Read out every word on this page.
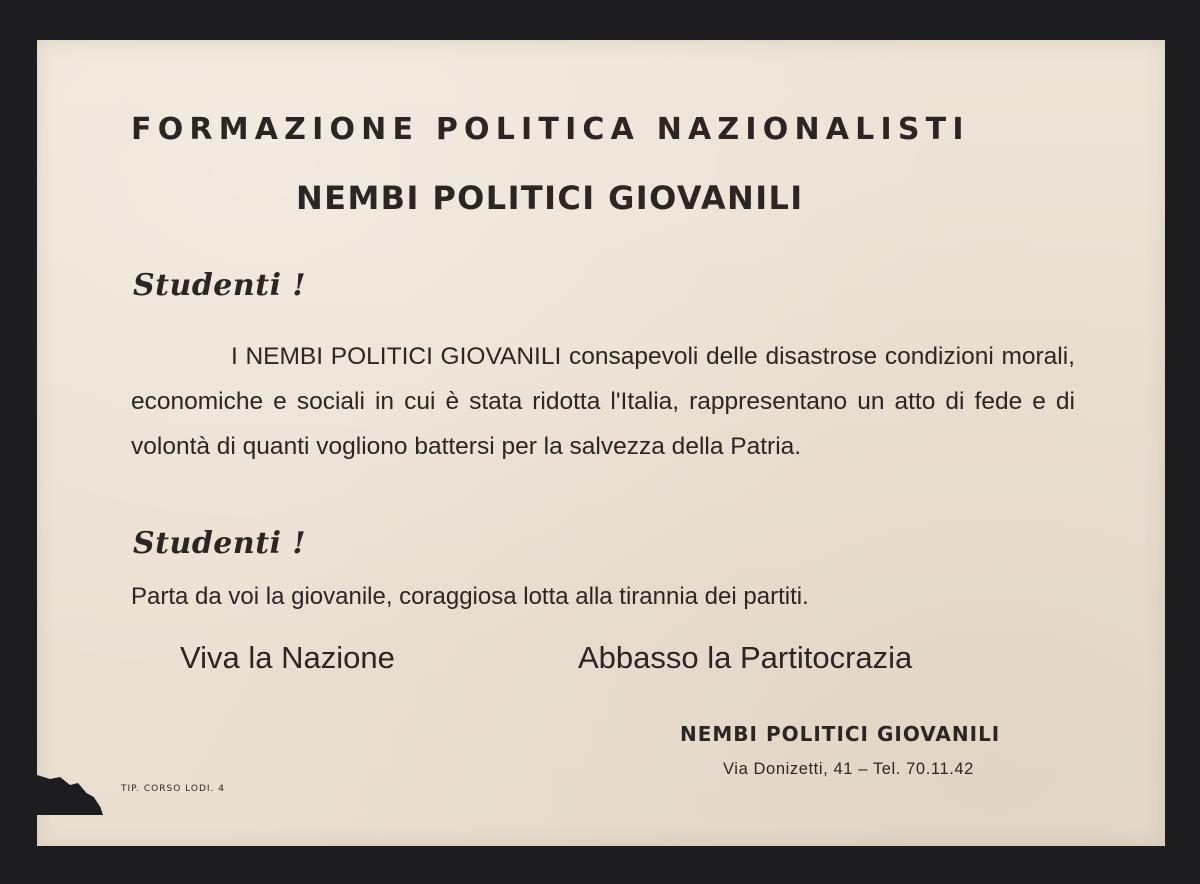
FORMAZIONE POLITICA NAZIONALISTI
NEMBI POLITICI GIOVANILI
Studenti !

I NEMBI POLITICI GIOVANILI consapevoli delle disastrose condizioni morali, economiche e sociali in cui è stata ridotta l'Italia, rappresentano un atto di fede e di volontà di quanti vogliono battersi per la salvezza della Patria.

Studenti !
Parta da voi la giovanile, coraggiosa lotta alla tirannia dei partiti.
Viva la Nazione	Abbasso la Partitocrazia
NEMBI POLITICI GIOVANILI
Via Donizetti, 41 – Tel. 70.11.42
TIP. CORSO LODI. 4
